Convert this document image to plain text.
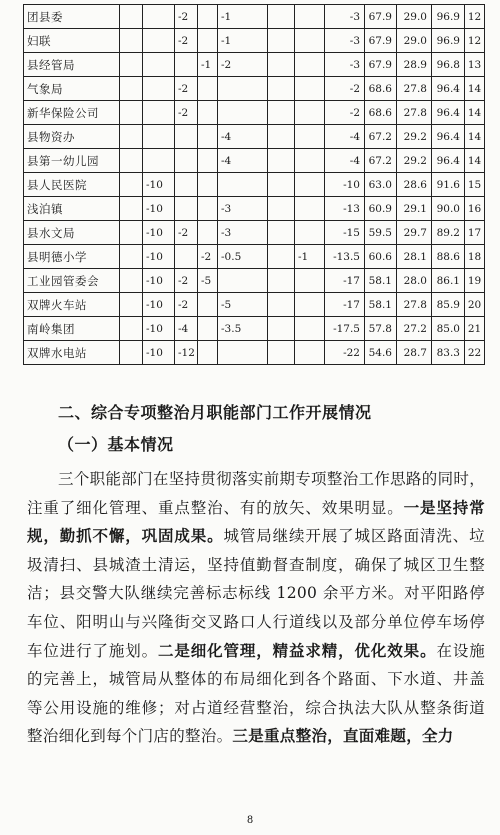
团县委			-2		-1			-3	67.9	29.0	96.9	12
妇联			-2		-1			-3	67.9	29.0	96.9	12
县经管局				-1	-2			-3	67.9	28.9	96.8	13
气象局			-2					-2	68.6	27.8	96.4	14
新华保险公司			-2					-2	68.6	27.8	96.4	14
县物资办					-4			-4	67.2	29.2	96.4	14
县第一幼儿园					-4			-4	67.2	29.2	96.4	14
县人民医院		-10						-10	63.0	28.6	91.6	15
浅泊镇		-10			-3			-13	60.9	29.1	90.0	16
县水文局		-10	-2		-3			-15	59.5	29.7	89.2	17
县明德小学		-10		-2	-0.5		-1	-13.5	60.6	28.1	88.6	18
工业园管委会		-10	-2	-5				-17	58.1	28.0	86.1	19
双牌火车站		-10	-2		-5			-17	58.1	27.8	85.9	20
南岭集团		-10	-4		-3.5			-17.5	57.8	27.2	85.0	21
双牌水电站		-10	-12					-22	54.6	28.7	83.3	22
二、综合专项整治月职能部门工作开展情况
（一）基本情况

三个职能部门在坚持贯彻落实前期专项整治工作思路的同时，注重了细化管理、重点整治、有的放矢、效果明显。一是坚持常规，勤抓不懈，巩固成果。城管局继续开展了城区路面清洗、垃圾清扫、县城渣土清运，坚持值勤督查制度，确保了城区卫生整洁；县交警大队继续完善标志标线 1200 余平方米。对平阳路停车位、阳明山与兴隆街交叉路口人行道线以及部分单位停车场停车位进行了施划。二是细化管理，精益求精，优化效果。在设施的完善上，城管局从整体的布局细化到各个路面、下水道、井盖等公用设施的维修；对占道经营整治，综合执法大队从整条街道整治细化到每个门店的整治。三是重点整治，直面难题，全力

8
